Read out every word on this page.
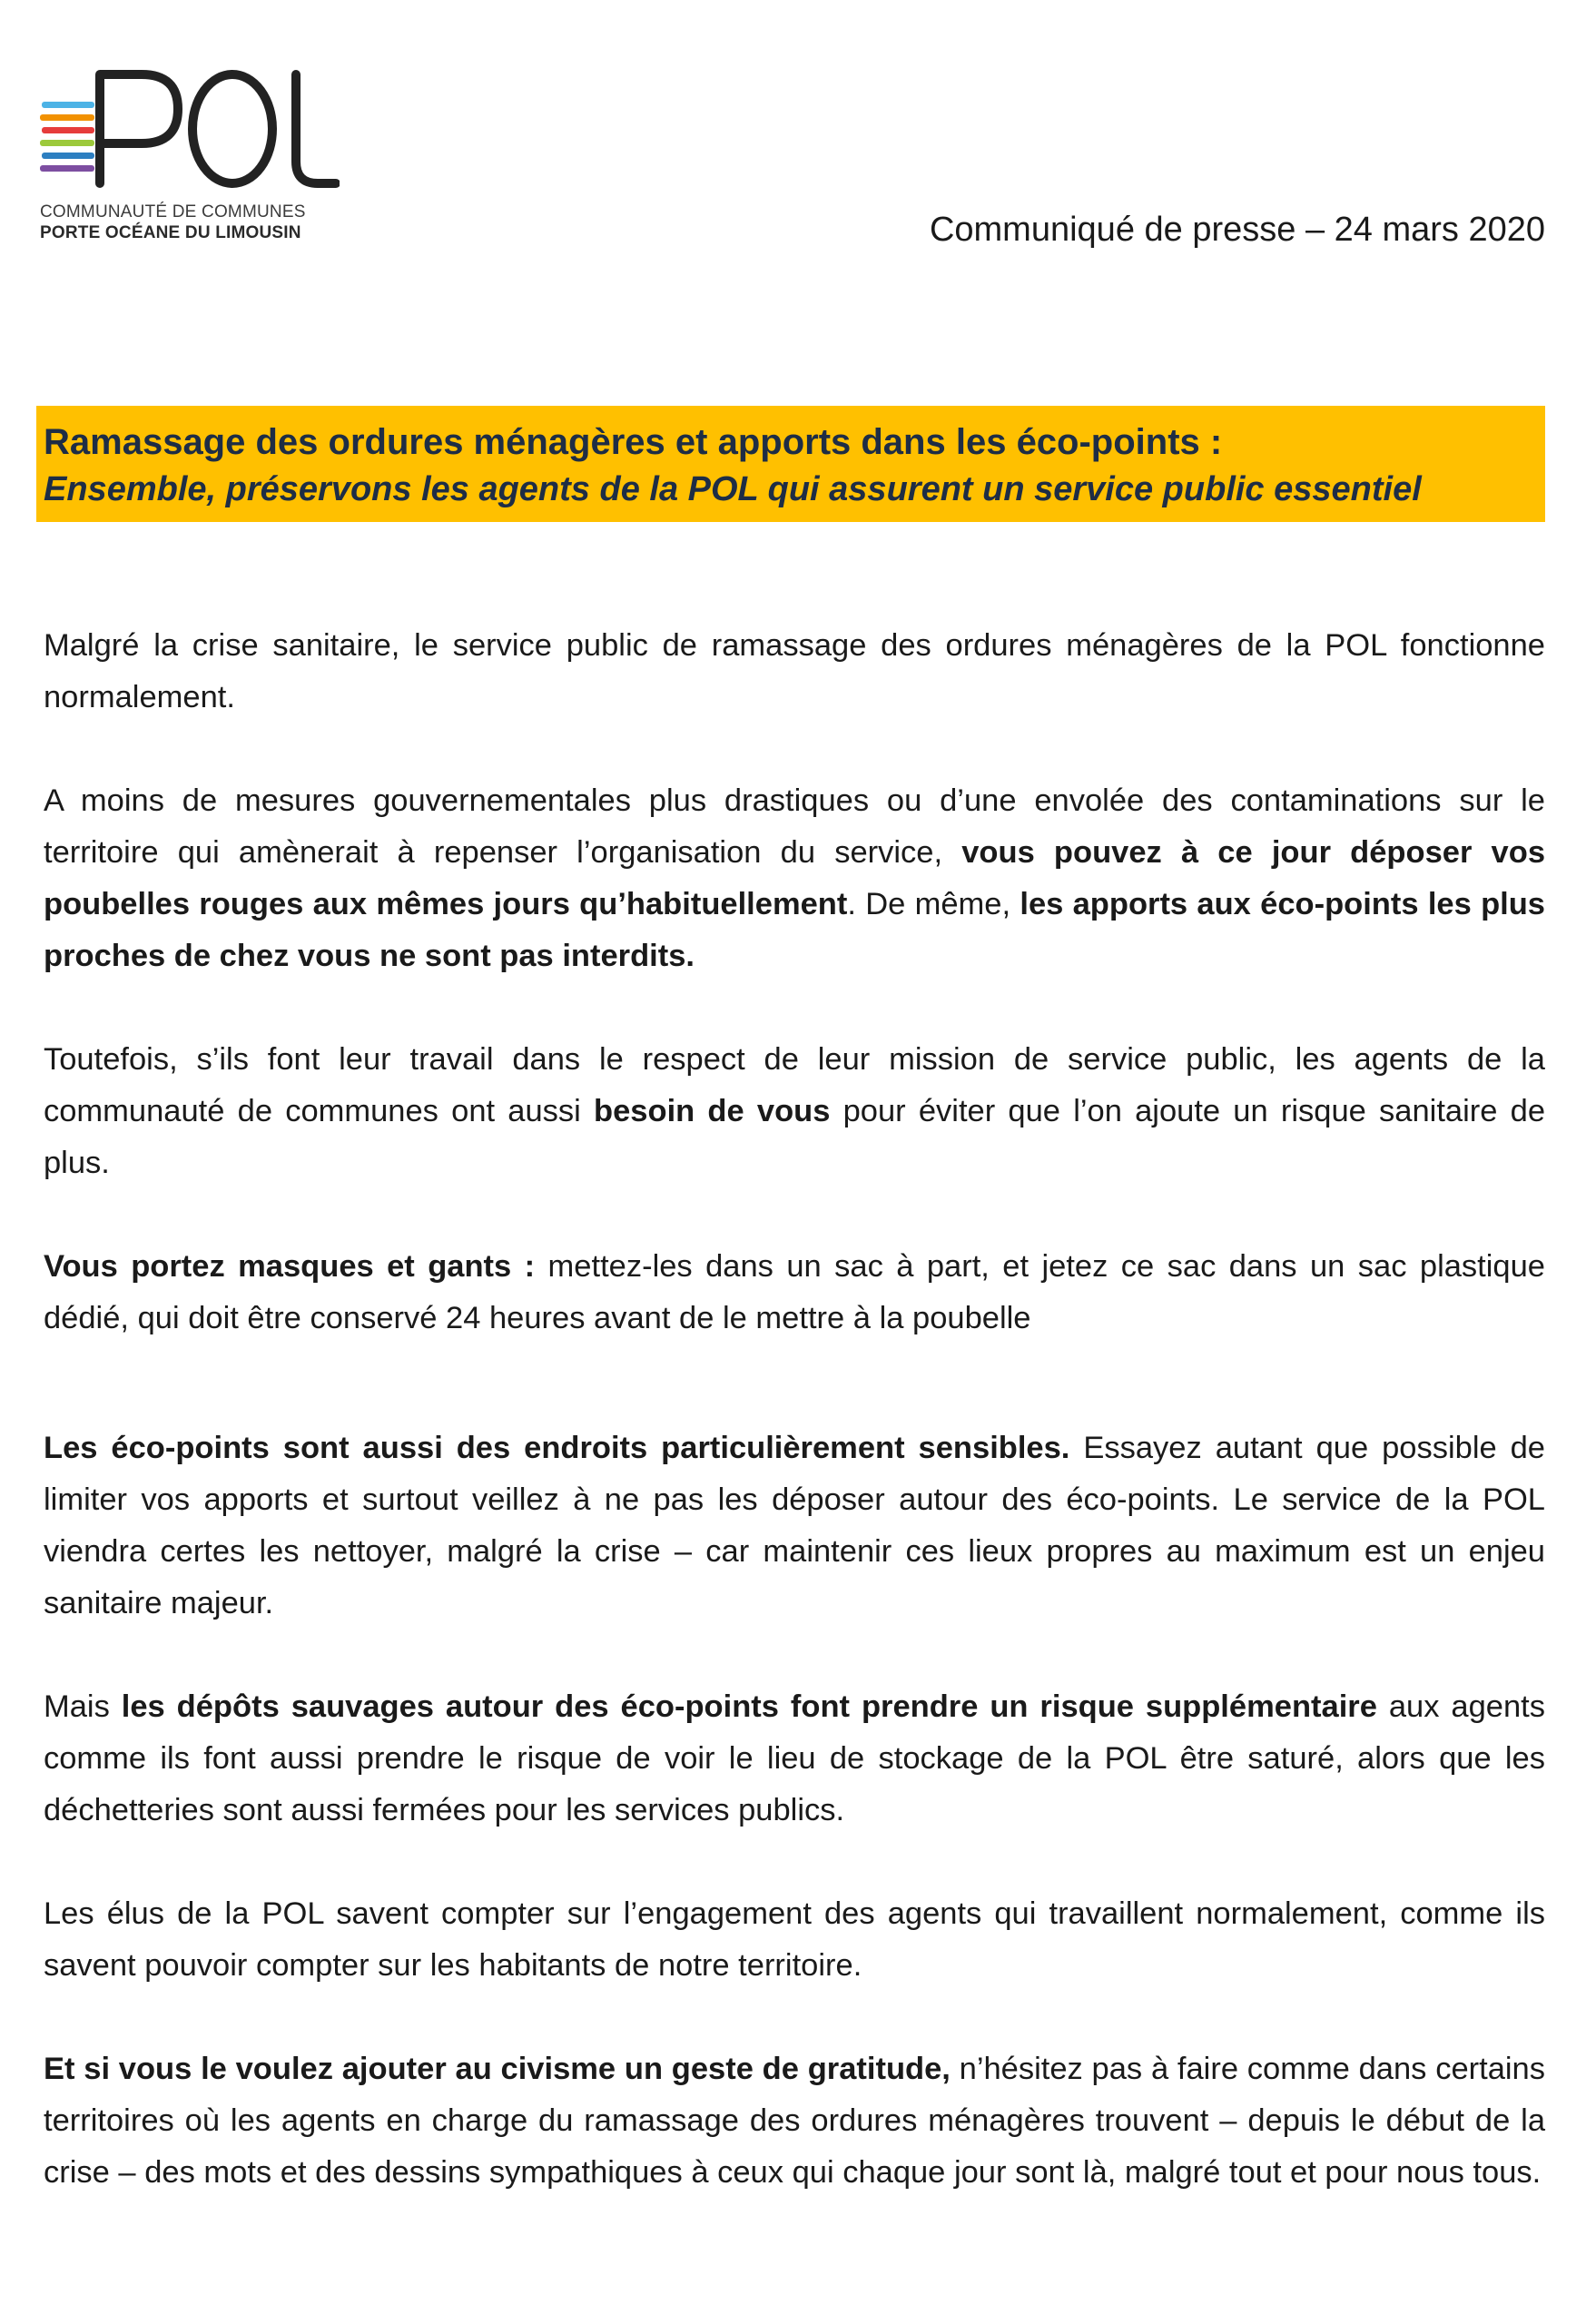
COMMUNAUTÉ DE COMMUNES
PORTE OCÉANE DU LIMOUSIN	Communiqué de presse – 24 mars 2020
Ramassage des ordures ménagères et apports dans les éco-points :
Ensemble, préservons les agents de la POL qui assurent un service public essentiel

Malgré la crise sanitaire, le service public de ramassage des ordures ménagères de la POL fonctionne normalement.

A moins de mesures gouvernementales plus drastiques ou d’une envolée des contaminations sur le territoire qui amènerait à repenser l’organisation du service, vous pouvez à ce jour déposer vos poubelles rouges aux mêmes jours qu’habituellement. De même, les apports aux éco-points les plus proches de chez vous ne sont pas interdits.

Toutefois, s’ils font leur travail dans le respect de leur mission de service public, les agents de la communauté de communes ont aussi besoin de vous pour éviter que l’on ajoute un risque sanitaire de plus.

Vous portez masques et gants : mettez-les dans un sac à part, et jetez ce sac dans un sac plastique dédié, qui doit être conservé 24 heures avant de le mettre à la poubelle

Les éco-points sont aussi des endroits particulièrement sensibles. Essayez autant que possible de limiter vos apports et surtout veillez à ne pas les déposer autour des éco-points. Le service de la POL viendra certes les nettoyer, malgré la crise – car maintenir ces lieux propres au maximum est un enjeu sanitaire majeur.

Mais les dépôts sauvages autour des éco-points font prendre un risque supplémentaire aux agents comme ils font aussi prendre le risque de voir le lieu de stockage de la POL être saturé, alors que les déchetteries sont aussi fermées pour les services publics.

Les élus de la POL savent compter sur l’engagement des agents qui travaillent normalement, comme ils savent pouvoir compter sur les habitants de notre territoire.

Et si vous le voulez ajouter au civisme un geste de gratitude, n’hésitez pas à faire comme dans certains territoires où les agents en charge du ramassage des ordures ménagères trouvent – depuis le début de la crise – des mots et des dessins sympathiques à ceux qui chaque jour sont là, malgré tout et pour nous tous.
